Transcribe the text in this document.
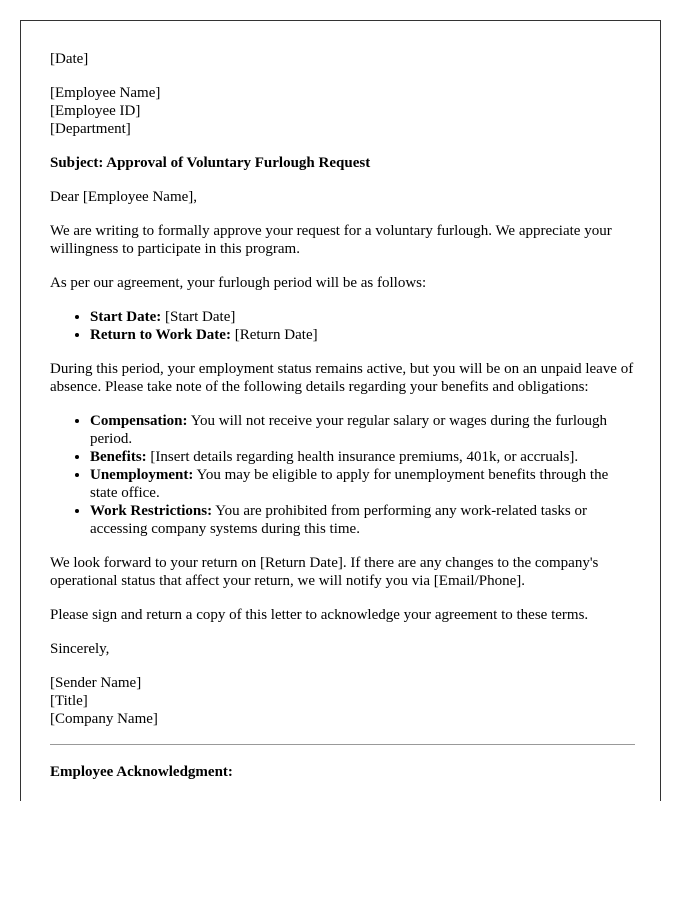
[Date]

[Employee Name]
[Employee ID]
[Department]

Subject: Approval of Voluntary Furlough Request

Dear [Employee Name],

We are writing to formally approve your request for a voluntary furlough. We appreciate your willingness to participate in this program.

As per our agreement, your furlough period will be as follows:

• Start Date: [Start Date]
• Return to Work Date: [Return Date]

During this period, your employment status remains active, but you will be on an unpaid leave of absence. Please take note of the following details regarding your benefits and obligations:

• Compensation: You will not receive your regular salary or wages during the furlough period.
• Benefits: [Insert details regarding health insurance premiums, 401k, or accruals].
• Unemployment: You may be eligible to apply for unemployment benefits through the state office.
• Work Restrictions: You are prohibited from performing any work-related tasks or accessing company systems during this time.

We look forward to your return on [Return Date]. If there are any changes to the company's operational status that affect your return, we will notify you via [Email/Phone].

Please sign and return a copy of this letter to acknowledge your agreement to these terms.

Sincerely,

[Sender Name]
[Title]
[Company Name]

Employee Acknowledgment:
